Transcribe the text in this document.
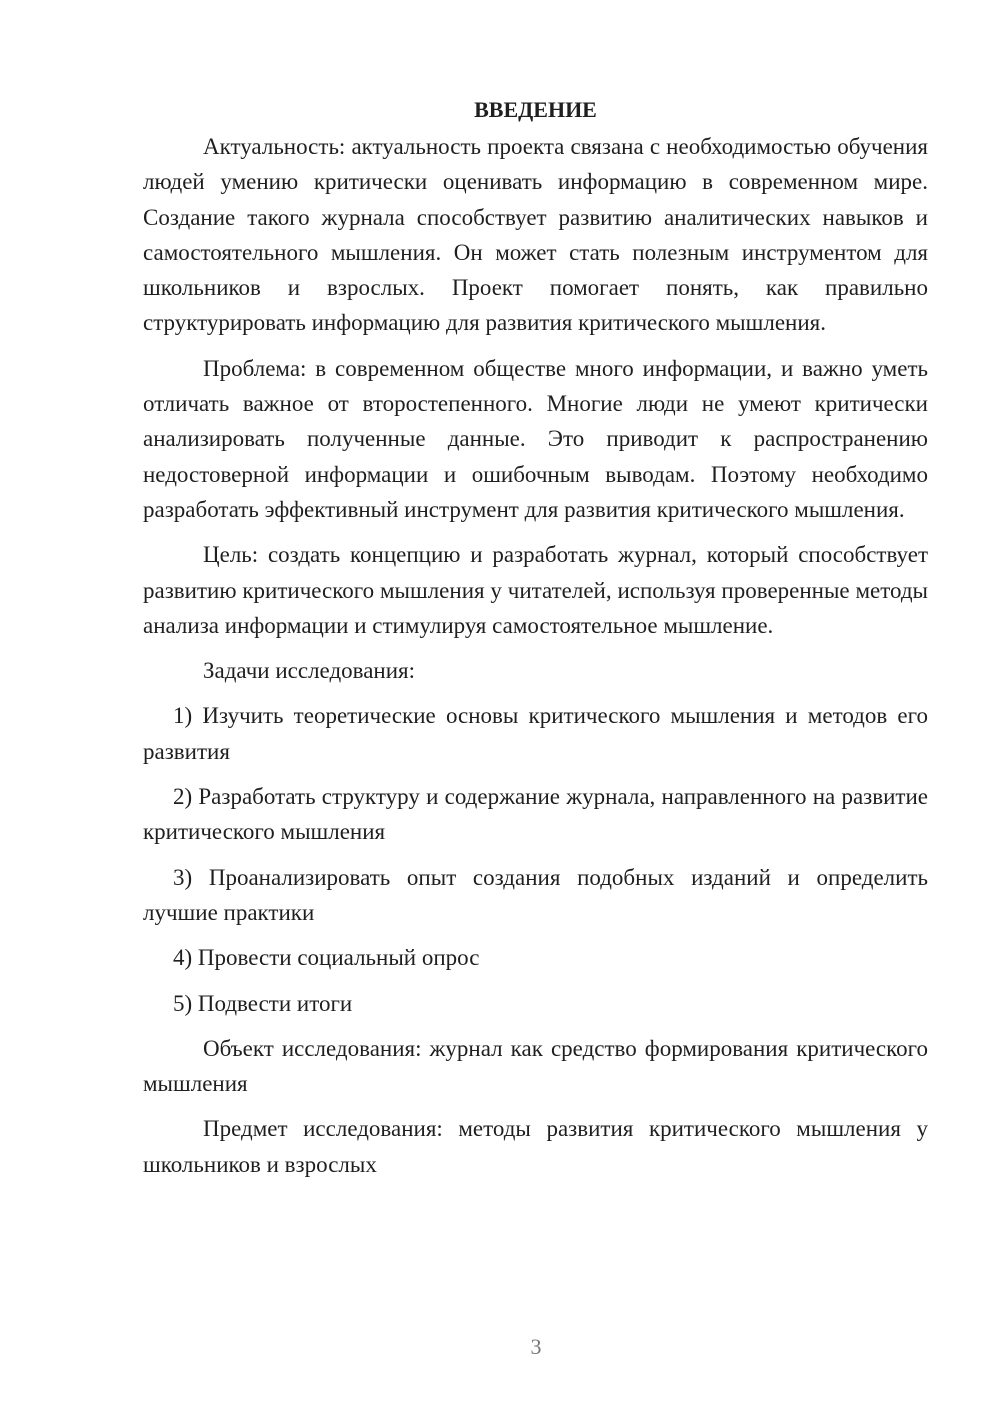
ВВЕДЕНИЕ

Актуальность: актуальность проекта связана с необходимостью обучения людей умению критически оценивать информацию в современном мире. Создание такого журнала способствует развитию аналитических навыков и самостоятельного мышления. Он может стать полезным инструментом для школьников и взрослых. Проект помогает понять, как правильно структурировать информацию для развития критического мышления.

Проблема: в современном обществе много информации, и важно уметь отличать важное от второстепенного. Многие люди не умеют критически анализировать полученные данные. Это приводит к распространению недостоверной информации и ошибочным выводам. Поэтому необходимо разработать эффективный инструмент для развития критического мышления.

Цель: создать концепцию и разработать журнал, который способствует развитию критического мышления у читателей, используя проверенные методы анализа информации и стимулируя самостоятельное мышление.

Задачи исследования:

1) Изучить теоретические основы критического мышления и методов его развития

2) Разработать структуру и содержание журнала, направленного на развитие критического мышления

3) Проанализировать опыт создания подобных изданий и определить лучшие практики

4) Провести социальный опрос

5) Подвести итоги

Объект исследования: журнал как средство формирования критического мышления

Предмет исследования: методы развития критического мышления у школьников и взрослых

3
